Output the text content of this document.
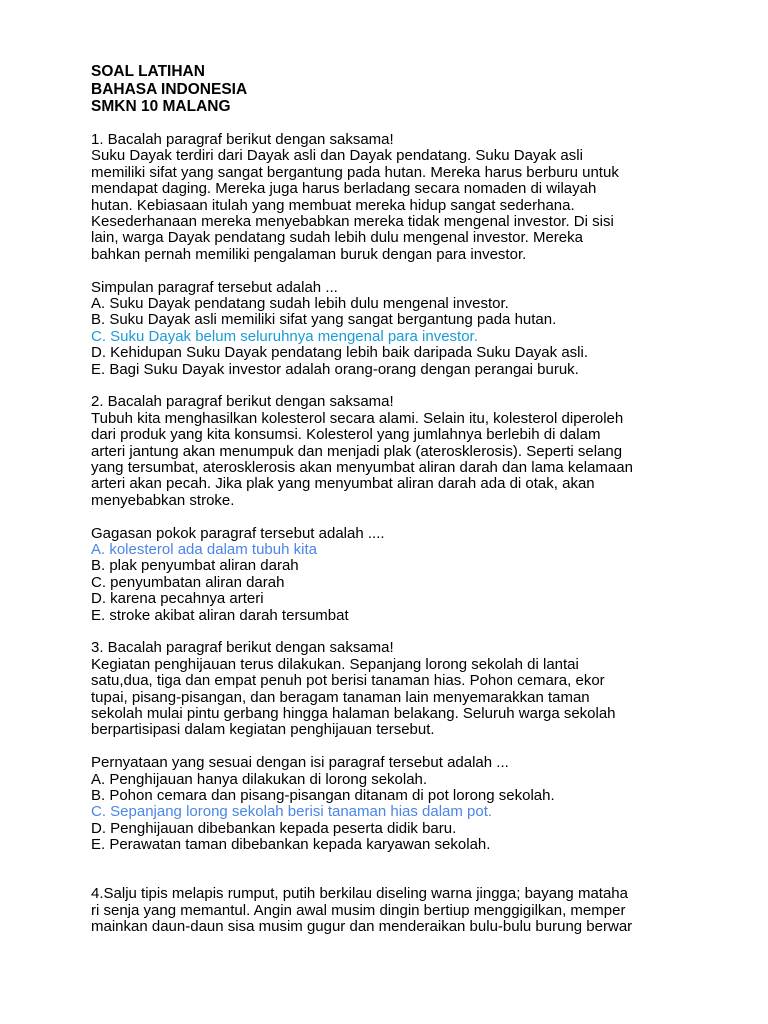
SOAL LATIHAN
BAHASA INDONESIA
SMKN 10 MALANG
1. Bacalah paragraf berikut dengan saksama!
Suku Dayak terdiri dari Dayak asli dan Dayak pendatang. Suku Dayak asli
memiliki sifat yang sangat bergantung pada hutan. Mereka harus berburu untuk
mendapat daging. Mereka juga harus berladang secara nomaden di wilayah
hutan. Kebiasaan itulah yang membuat mereka hidup sangat sederhana.
Kesederhanaan mereka menyebabkan mereka tidak mengenal investor. Di sisi
lain, warga Dayak pendatang sudah lebih dulu mengenal investor. Mereka
bahkan pernah memiliki pengalaman buruk dengan para investor.
Simpulan paragraf tersebut adalah ...
A. Suku Dayak pendatang sudah lebih dulu mengenal investor.
B. Suku Dayak asli memiliki sifat yang sangat bergantung pada hutan.
C. Suku Dayak belum seluruhnya mengenal para investor.
D. Kehidupan Suku Dayak pendatang lebih baik daripada Suku Dayak asli.
E. Bagi Suku Dayak investor adalah orang-orang dengan perangai buruk.
2. Bacalah paragraf berikut dengan saksama!
Tubuh kita menghasilkan kolesterol secara alami. Selain itu, kolesterol diperoleh
dari produk yang kita konsumsi. Kolesterol yang jumlahnya berlebih di dalam
arteri jantung akan menumpuk dan menjadi plak (aterosklerosis). Seperti selang
yang tersumbat, aterosklerosis akan menyumbat aliran darah dan lama kelamaan
arteri akan pecah. Jika plak yang menyumbat aliran darah ada di otak, akan
menyebabkan stroke.
Gagasan pokok paragraf tersebut adalah ....
A. kolesterol ada dalam tubuh kita
B. plak penyumbat aliran darah
C. penyumbatan aliran darah
D. karena pecahnya arteri
E. stroke akibat aliran darah tersumbat
3. Bacalah paragraf berikut dengan saksama!
Kegiatan penghijauan terus dilakukan. Sepanjang lorong sekolah di lantai
satu,dua, tiga dan empat penuh pot berisi tanaman hias. Pohon cemara, ekor
tupai, pisang-pisangan, dan beragam tanaman lain menyemarakkan taman
sekolah mulai pintu gerbang hingga halaman belakang. Seluruh warga sekolah
berpartisipasi dalam kegiatan penghijauan tersebut.
Pernyataan yang sesuai dengan isi paragraf tersebut adalah ...
A. Penghijauan hanya dilakukan di lorong sekolah.
B. Pohon cemara dan pisang-pisangan ditanam di pot lorong sekolah.
C. Sepanjang lorong sekolah berisi tanaman hias dalam pot.
D. Penghijauan dibebankan kepada peserta didik baru.
E. Perawatan taman dibebankan kepada karyawan sekolah.
4.Salju tipis melapis rumput, putih berkilau diseling warna jingga; bayang mataha
ri senja yang memantul. Angin awal musim dingin bertiup menggigilkan, memper
mainkan daun-daun sisa musim gugur dan menderaikan bulu-bulu burung berwar
